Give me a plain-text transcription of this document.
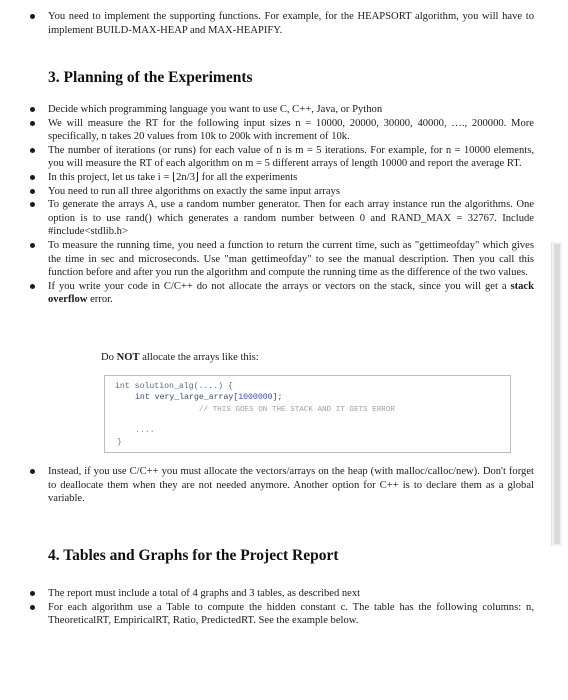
You need to implement the supporting functions. For example, for the HEAPSORT algorithm, you will have to implement BUILD-MAX-HEAP and MAX-HEAPIFY.
3. Planning of the Experiments
Decide which programming language you want to use C, C++, Java, or Python
We will measure the RT for the following input sizes n = 10000, 20000, 30000, 40000, …., 200000. More specifically, n takes 20 values from 10k to 200k with increment of 10k.
The number of iterations (or runs) for each value of n is m = 5 iterations. For example, for n = 10000 elements, you will measure the RT of each algorithm on m = 5 different arrays of length 10000 and report the average RT.
In this project, let us take i = ⌊2n/3⌋ for all the experiments
You need to run all three algorithms on exactly the same input arrays
To generate the arrays A, use a random number generator. Then for each array instance run the algorithms. One option is to use rand() which generates a random number between 0 and RAND_MAX = 32767. Include #include<stdlib.h>
To measure the running time, you need a function to return the current time, such as "gettimeofday" which gives the time in sec and microseconds. Use "man gettimeofday" to see the manual description. Then you call this function before and after you run the algorithm and compute the running time as the difference of the two values.
If you write your code in C/C++ do not allocate the arrays or vectors on the stack, since you will get a stack overflow error.
Do NOT allocate the arrays like this:
int solution_alg(....) {
int very_large_array[1000000];
// THIS GOES ON THE STACK AND IT GETS ERROR
....
}
Instead, if you use C/C++ you must allocate the vectors/arrays on the heap (with malloc/calloc/new). Don't forget to deallocate them when they are not needed anymore. Another option for C++ is to declare them as a global variable.
4. Tables and Graphs for the Project Report
The report must include a total of 4 graphs and 3 tables, as described next
For each algorithm use a Table to compute the hidden constant c. The table has the following columns: n, TheoreticalRT, EmpiricalRT, Ratio, PredictedRT. See the example below.
